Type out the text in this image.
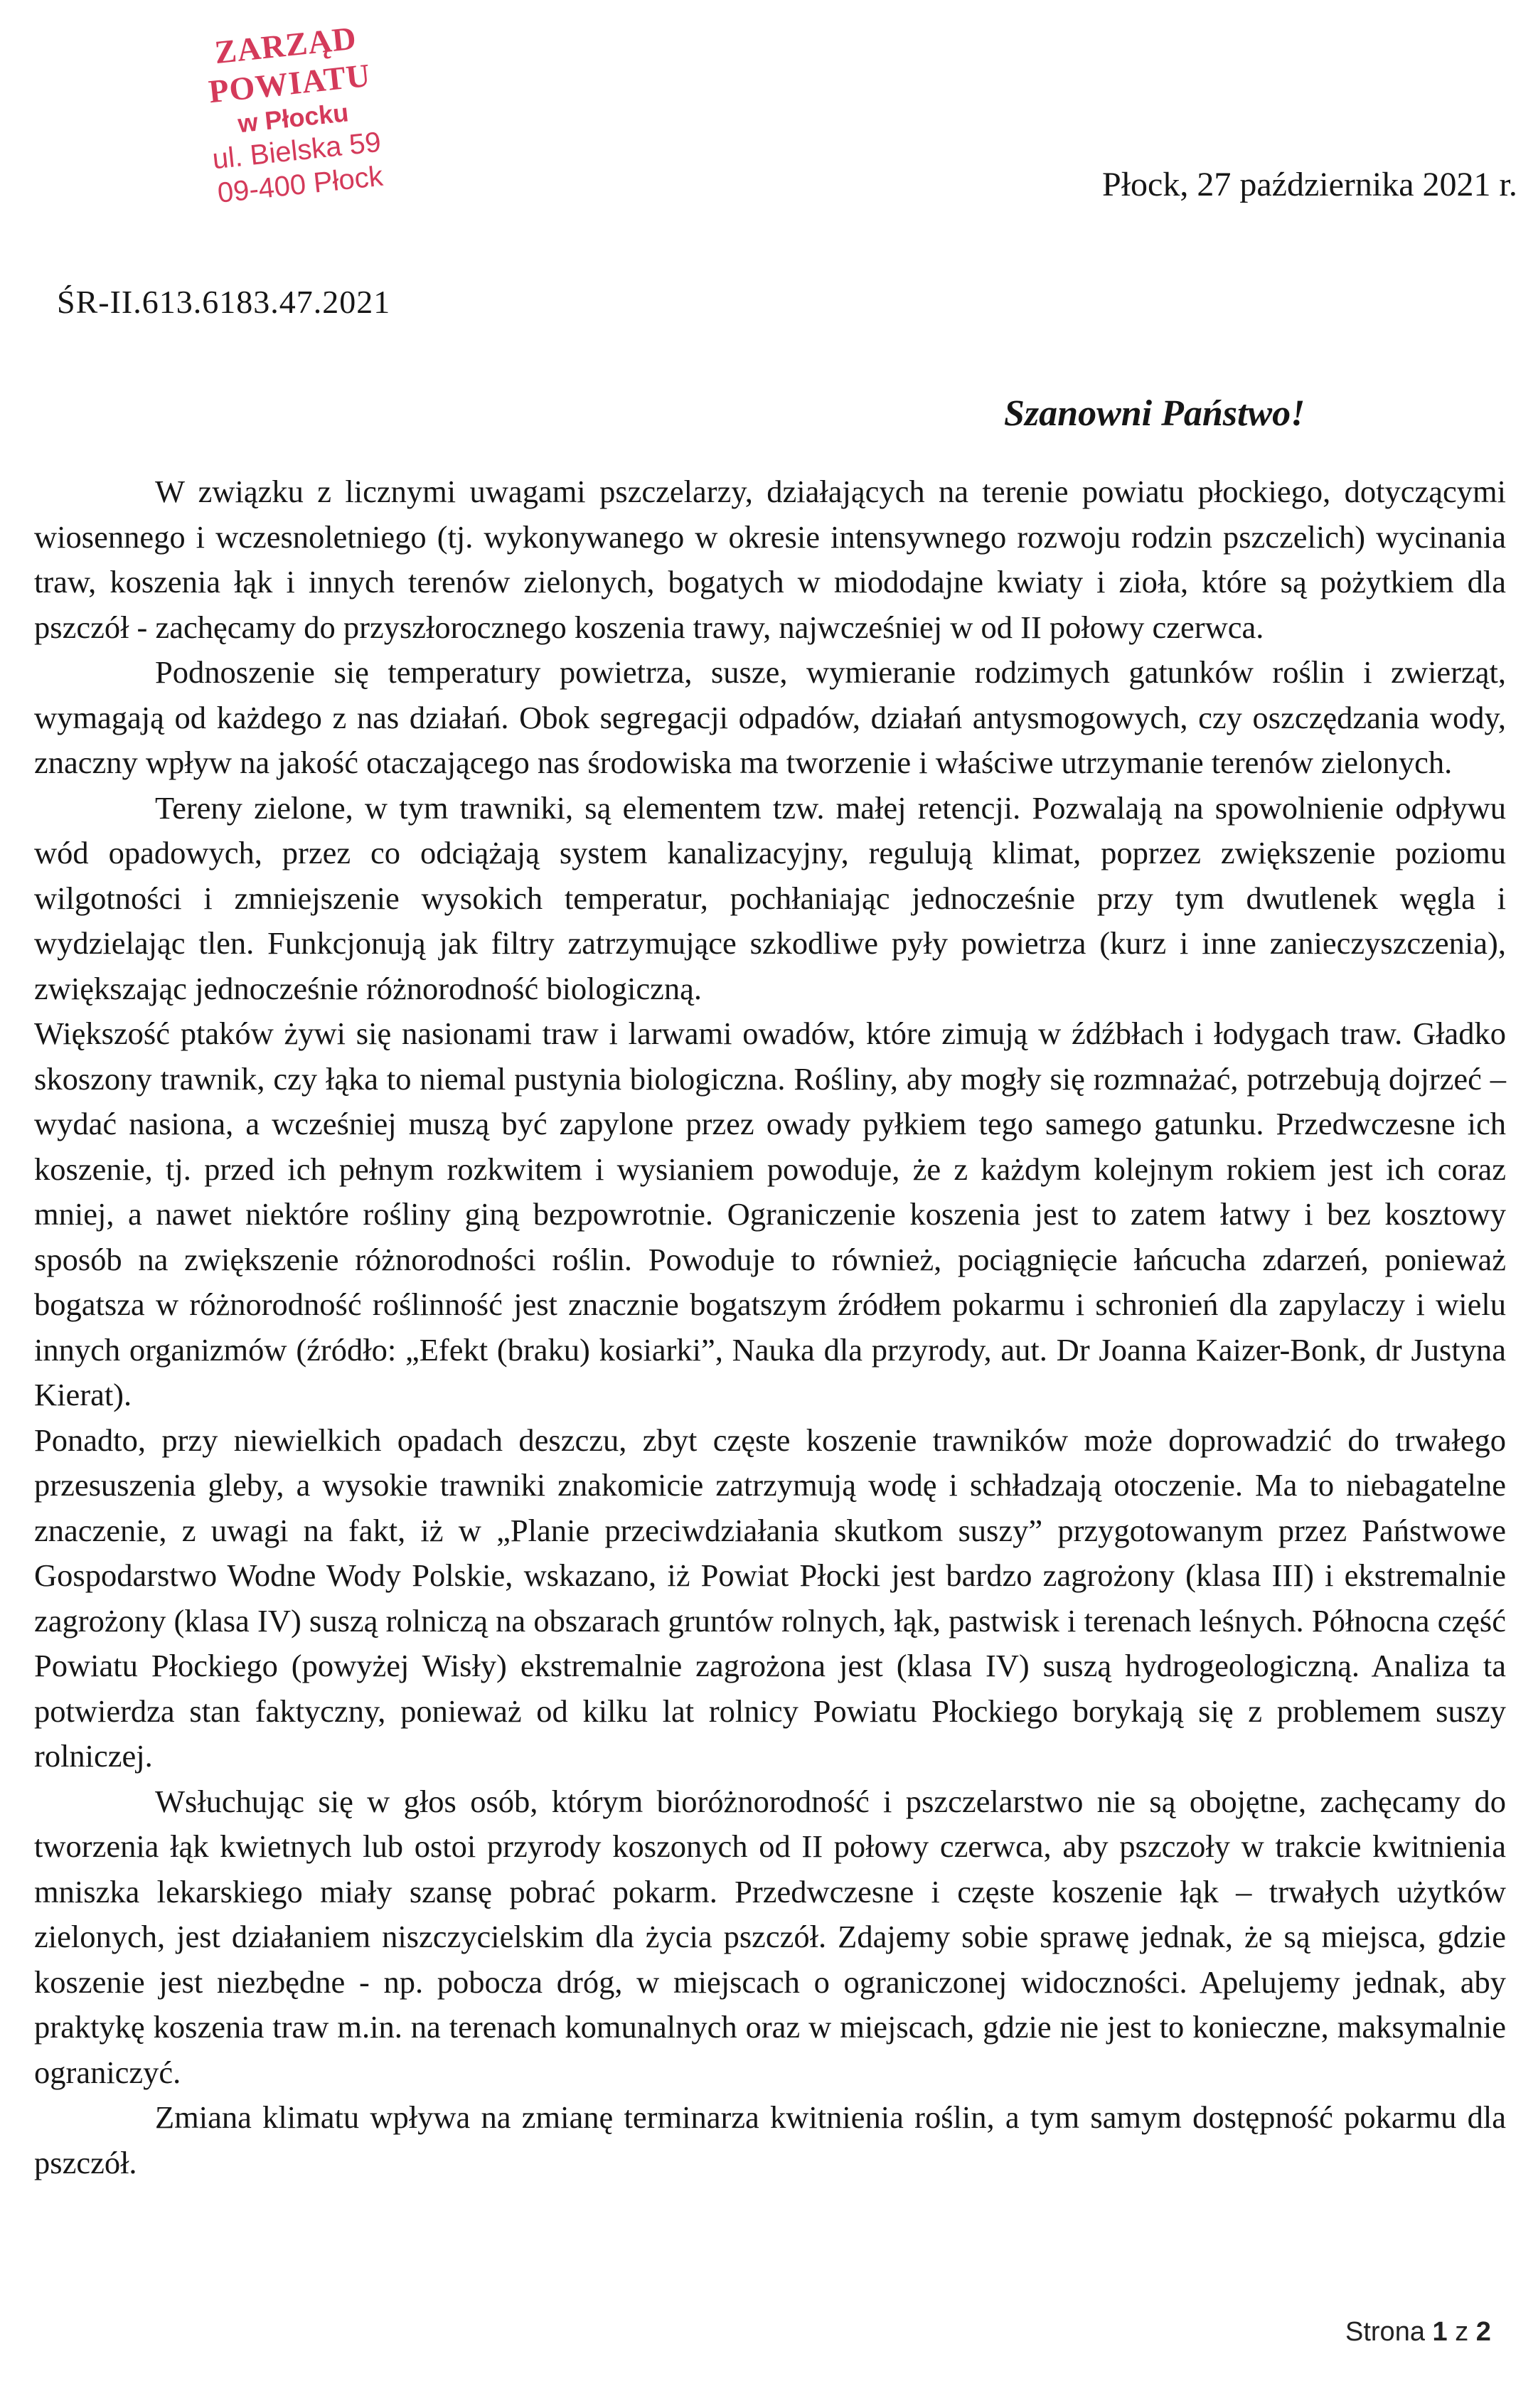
ZARZĄD POWIATU
w Płocku
ul. Bielska 59
09-400 Płock	Płock, 27 października 2021 r.
ŚR-II.613.6183.47.2021
Szanowni Państwo!

W związku z licznymi uwagami pszczelarzy, działających na terenie powiatu płockiego, dotyczącymi wiosennego i wczesnoletniego (tj. wykonywanego w okresie intensywnego rozwoju rodzin pszczelich) wycinania traw, koszenia łąk i innych terenów zielonych, bogatych w miododajne kwiaty i zioła, które są pożytkiem dla pszczół - zachęcamy do przyszłorocznego koszenia trawy, najwcześniej w od II połowy czerwca.

Podnoszenie się temperatury powietrza, susze, wymieranie rodzimych gatunków roślin i zwierząt, wymagają od każdego z nas działań. Obok segregacji odpadów, działań antysmogowych, czy oszczędzania wody, znaczny wpływ na jakość otaczającego nas środowiska ma tworzenie i właściwe utrzymanie terenów zielonych.

Tereny zielone, w tym trawniki, są elementem tzw. małej retencji. Pozwalają na spowolnienie odpływu wód opadowych, przez co odciążają system kanalizacyjny, regulują klimat, poprzez zwiększenie poziomu wilgotności i zmniejszenie wysokich temperatur, pochłaniając jednocześnie przy tym dwutlenek węgla i wydzielając tlen. Funkcjonują jak filtry zatrzymujące szkodliwe pyły powietrza (kurz i inne zanieczyszczenia), zwiększając jednocześnie różnorodność biologiczną.

Większość ptaków żywi się nasionami traw i larwami owadów, które zimują w źdźbłach i łodygach traw. Gładko skoszony trawnik, czy łąka to niemal pustynia biologiczna. Rośliny, aby mogły się rozmnażać, potrzebują dojrzeć – wydać nasiona, a wcześniej muszą być zapylone przez owady pyłkiem tego samego gatunku. Przedwczesne ich koszenie, tj. przed ich pełnym rozkwitem i wysianiem powoduje, że z każdym kolejnym rokiem jest ich coraz mniej, a nawet niektóre rośliny giną bezpowrotnie. Ograniczenie koszenia jest to zatem łatwy i bez kosztowy sposób na zwiększenie różnorodności roślin. Powoduje to również, pociągnięcie łańcucha zdarzeń, ponieważ bogatsza w różnorodność roślinność jest znacznie bogatszym źródłem pokarmu i schronień dla zapylaczy i wielu innych organizmów (źródło: „Efekt (braku) kosiarki”, Nauka dla przyrody, aut. Dr Joanna Kaizer-Bonk, dr Justyna Kierat).

Ponadto, przy niewielkich opadach deszczu, zbyt częste koszenie trawników może doprowadzić do trwałego przesuszenia gleby, a wysokie trawniki znakomicie zatrzymują wodę i schładzają otoczenie. Ma to niebagatelne znaczenie, z uwagi na fakt, iż w „Planie przeciwdziałania skutkom suszy” przygotowanym przez Państwowe Gospodarstwo Wodne Wody Polskie, wskazano, iż Powiat Płocki jest bardzo zagrożony (klasa III) i ekstremalnie zagrożony (klasa IV) suszą rolniczą na obszarach gruntów rolnych, łąk, pastwisk i terenach leśnych. Północna część Powiatu Płockiego (powyżej Wisły) ekstremalnie zagrożona jest (klasa IV) suszą hydrogeologiczną. Analiza ta potwierdza stan faktyczny, ponieważ od kilku lat rolnicy Powiatu Płockiego borykają się z problemem suszy rolniczej.

Wsłuchując się w głos osób, którym bioróżnorodność i pszczelarstwo nie są obojętne, zachęcamy do tworzenia łąk kwietnych lub ostoi przyrody koszonych od II połowy czerwca, aby pszczoły w trakcie kwitnienia mniszka lekarskiego miały szansę pobrać pokarm. Przedwczesne i częste koszenie łąk – trwałych użytków zielonych, jest działaniem niszczycielskim dla życia pszczół. Zdajemy sobie sprawę jednak, że są miejsca, gdzie koszenie jest niezbędne - np. pobocza dróg, w miejscach o ograniczonej widoczności. Apelujemy jednak, aby praktykę koszenia traw m.in. na terenach komunalnych oraz w miejscach, gdzie nie jest to konieczne, maksymalnie ograniczyć.

Zmiana klimatu wpływa na zmianę terminarza kwitnienia roślin, a tym samym dostępność pokarmu dla pszczół.

Strona 1 z 2
